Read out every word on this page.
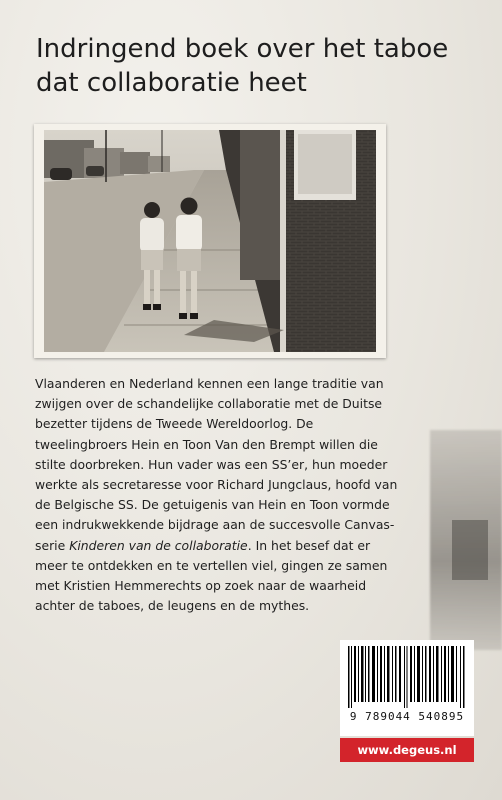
Indringend boek over het taboe dat collaboratie heet

Vlaanderen en Nederland kennen een lange traditie van zwijgen over de schandelijke collaboratie met de Duitse bezetter tijdens de Tweede Wereldoorlog. De tweelingbroers Hein en Toon Van den Brempt willen die stilte doorbreken. Hun vader was een SS’er, hun moeder werkte als secretaresse voor Richard Jungclaus, hoofd van de Belgische SS. De getuigenis van Hein en Toon vormde een indrukwekkende bijdrage aan de succesvolle Canvas-serie Kinderen van de collaboratie. In het besef dat er meer te ontdekken en te vertellen viel, gingen ze samen met Kristien Hemmerechts op zoek naar de waarheid achter de taboes, de leugens en de mythes.

9 789044 540895
www.degeus.nl
